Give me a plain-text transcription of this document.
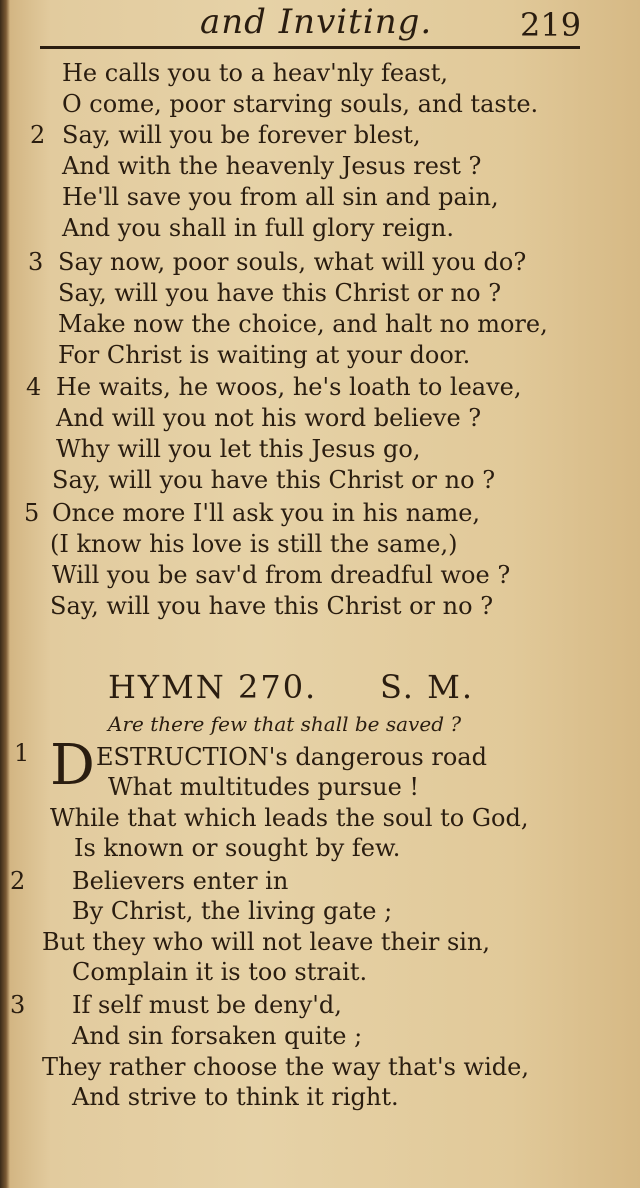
and Inviting.	219
He calls you to a heav'nly feast,
O come, poor starving souls, and taste.
2 Say, will you be forever blest,
And with the heavenly Jesus rest ?
He'll save you from all sin and pain,
And you shall in full glory reign.
3 Say now, poor souls, what will you do?
Say, will you have this Christ or no ?
Make now the choice, and halt no more,
For Christ is waiting at your door.
4 He waits, he woos, he's loath to leave,
And will you not his word believe ?
Why will you let this Jesus go,
Say, will you have this Christ or no ?
5 Once more I'll ask you in his name,
(I know his love is still the same,)
Will you be sav'd from dreadful woe ?
Say, will you have this Christ or no ?
HYMN 270. S. M.
Are there few that shall be saved ?
1 D ESTRUCTION's dangerous road
What multitudes pursue !
While that which leads the soul to God,
Is known or sought by few.
2 Believers enter in
By Christ, the living gate ;
But they who will not leave their sin,
Complain it is too strait.
3 If self must be deny'd,
And sin forsaken quite ;
They rather choose the way that's wide,
And strive to think it right.
